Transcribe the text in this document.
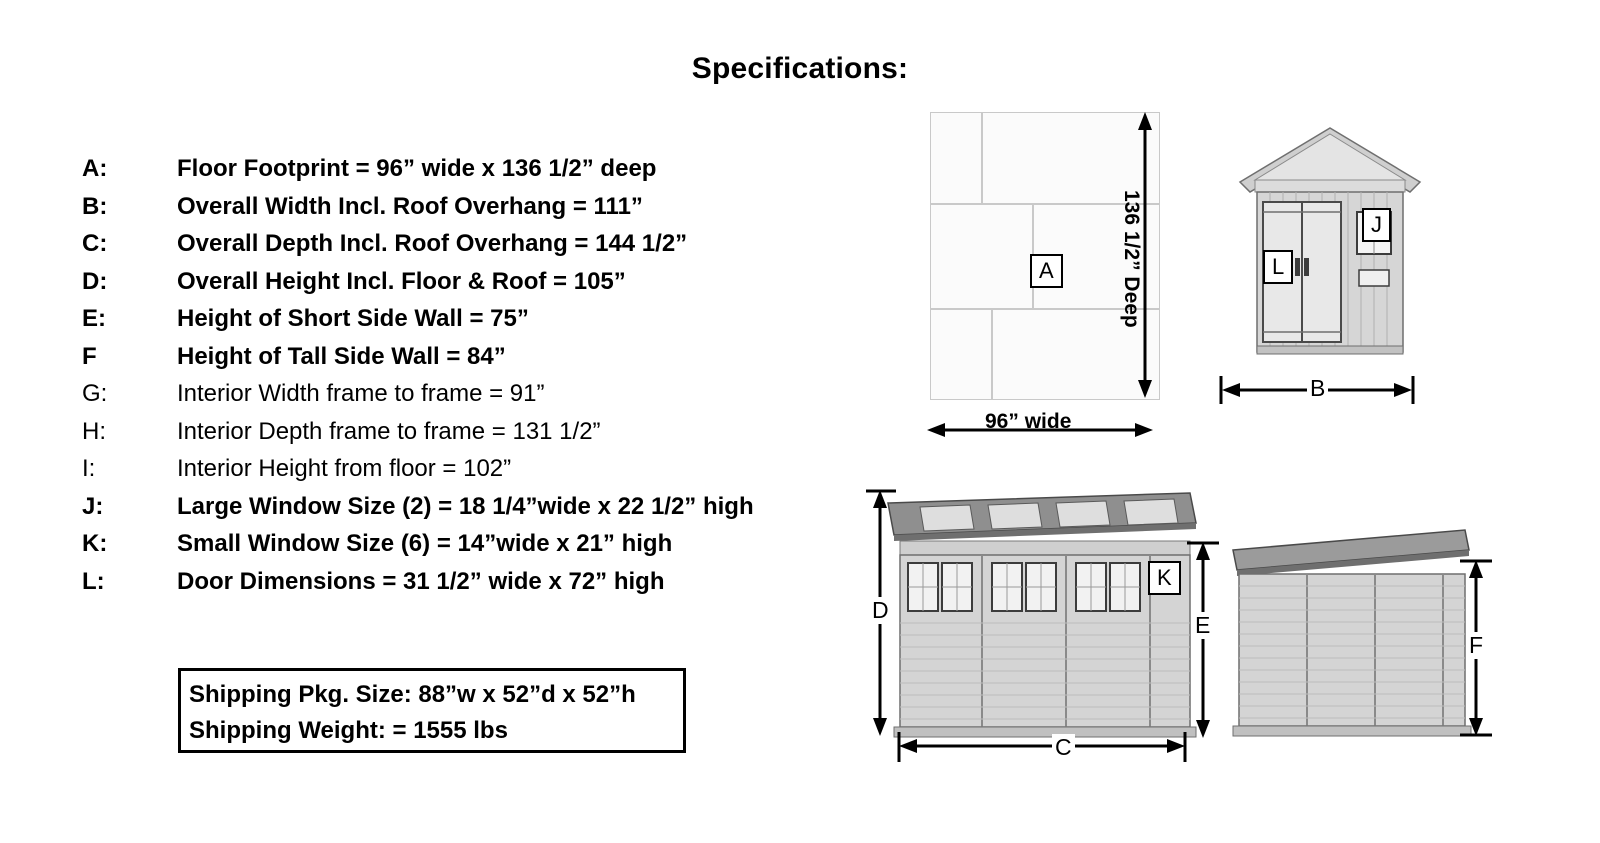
Specifications:
A:	Floor Footprint = 96” wide x 136 1/2” deep
B:	Overall Width Incl. Roof Overhang = 111”
C:	Overall Depth Incl. Roof Overhang = 144 1/2”
D:	Overall Height Incl. Floor & Roof = 105”
E:	Height of Short Side Wall = 75”
F	Height of Tall Side Wall = 84”
G:	Interior Width frame to frame = 91”
H:	Interior Depth frame to frame = 131 1/2”
I:	Interior Height from floor = 102”
J:	Large Window Size (2) = 18 1/4”wide x 22 1/2” high
K:	Small Window Size (6) = 14”wide x 21” high
L:	Door Dimensions = 31 1/2” wide x 72” high
Shipping Pkg. Size: 88”w x 52”d x 52”h
Shipping Weight: = 1555 lbs
A	136 1/2” Deep
96” wide
J
L
B
K
D
E
C
F
